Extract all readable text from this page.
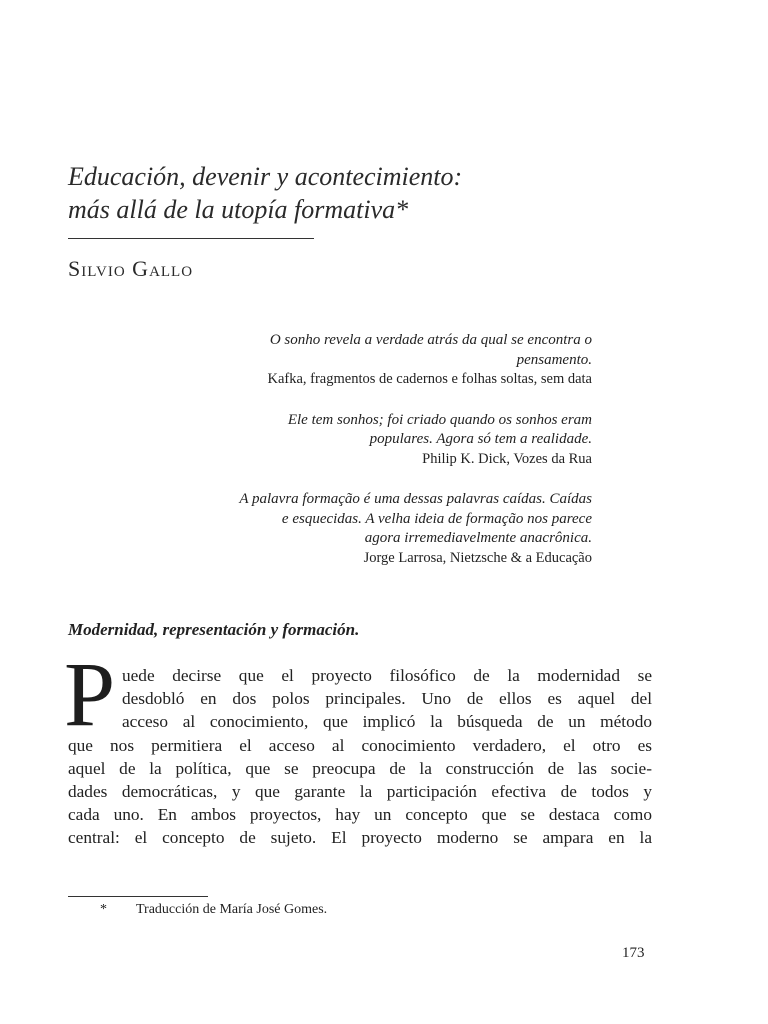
Educación, devenir y acontecimiento:
más allá de la utopía formativa*
Silvio Gallo
O sonho revela a verdade atrás da qual se encontra o
pensamento.
Kafka, fragmentos de cadernos e folhas soltas, sem data
Ele tem sonhos; foi criado quando os sonhos eram
populares. Agora só tem a realidade.
Philip K. Dick, Vozes da Rua
A palavra formação é uma dessas palavras caídas. Caídas
e esquecidas. A velha ideia de formação nos parece
agora irremediavelmente anacrônica.
Jorge Larrosa, Nietzsche & a Educação
Modernidad, representación y formación.
P uede decirse que el proyecto filosófico de la modernidad se
desdobló en dos polos principales. Uno de ellos es aquel del
acceso al conocimiento, que implicó la búsqueda de un método
que nos permitiera el acceso al conocimiento verdadero, el otro es
aquel de la política, que se preocupa de la construcción de las socie-
dades democráticas, y que garante la participación efectiva de todos y
cada uno. En ambos proyectos, hay un concepto que se destaca como
central: el concepto de sujeto. El proyecto moderno se ampara en la
* Traducción de María José Gomes.
173
